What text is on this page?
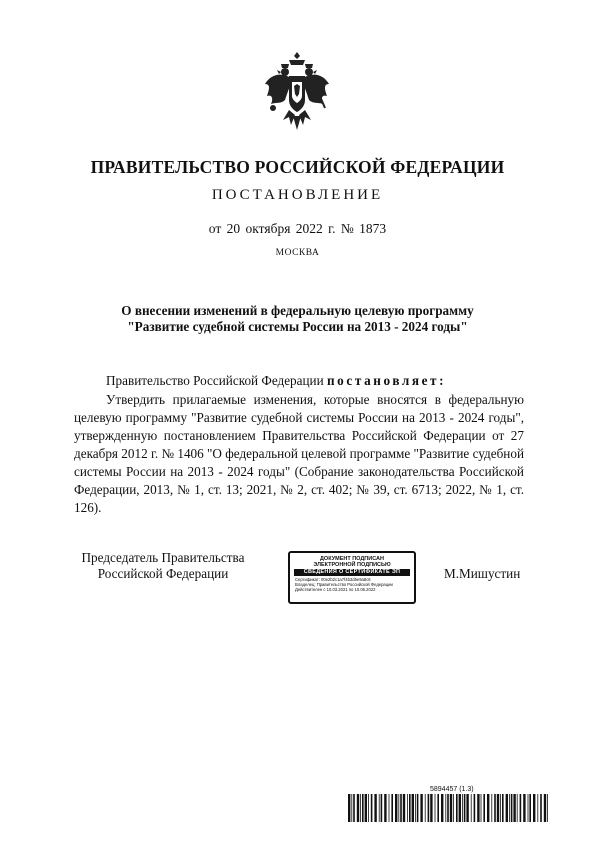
ПРАВИТЕЛЬСТВО РОССИЙСКОЙ ФЕДЕРАЦИИ
ПОСТАНОВЛЕНИЕ
от 20 октября 2022 г. № 1873
МОСКВА
О внесении изменений в федеральную целевую программу
"Развитие судебной системы России на 2013 - 2024 годы"
Правительство Российской Федерации постановляет:

Утвердить прилагаемые изменения, которые вносятся в федеральную целевую программу "Развитие судебной системы России на 2013 - 2024 годы", утвержденную постановлением Правительства Российской Федерации от 27 декабря 2012 г. № 1406 "О федеральной целевой программе "Развитие судебной системы России на 2013 - 2024 годы" (Собрание законодательства Российской Федерации, 2013, № 1, ст. 13; 2021, № 2, ст. 402; № 39, ст. 6713; 2022, № 1, ст. 126).

Председатель Правительства
Российской Федерации
ДОКУМЕНТ ПОДПИСАН
ЭЛЕКТРОННОЙ ПОДПИСЬЮ
СВЕДЕНИЯ О СЕРТИФИКАТЕ ЭП
Сертификат: 00e2b2c1a7f4b3d5e9a8c6
Владелец: Правительство Российской Федерации
Действителен с 10.03.2021 по 10.06.2022
М.Мишустин
5894457 (1.3)
